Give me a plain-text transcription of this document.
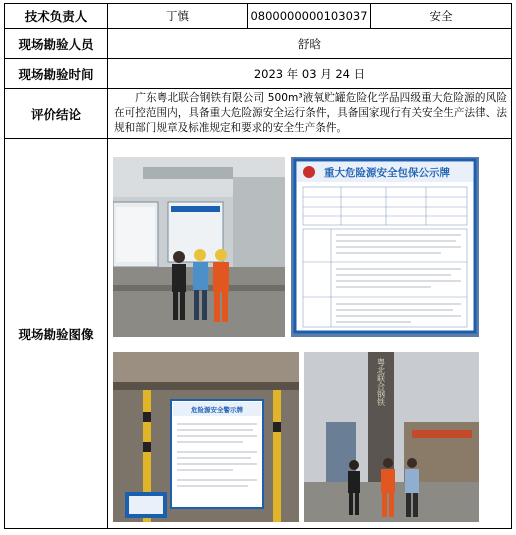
技术负责人	丁慎	0800000000103037	安全
现场勘验人员	舒晗		
现场勘验时间	2023 年 03 月 24 日		
评价结论	广东粤北联合钢铁有限公司 500m³液氧贮罐危险化学品四级重大危险源的风险在可控范围内，具备重大危险源安全运行条件，具备国家现行有关安全生产法律、法规和部门规章及标准规定和要求的安全生产条件。		
现场勘验图像	重大危险源安全包保公示牌
危险源安全警示牌
粤北联合钢铁		
